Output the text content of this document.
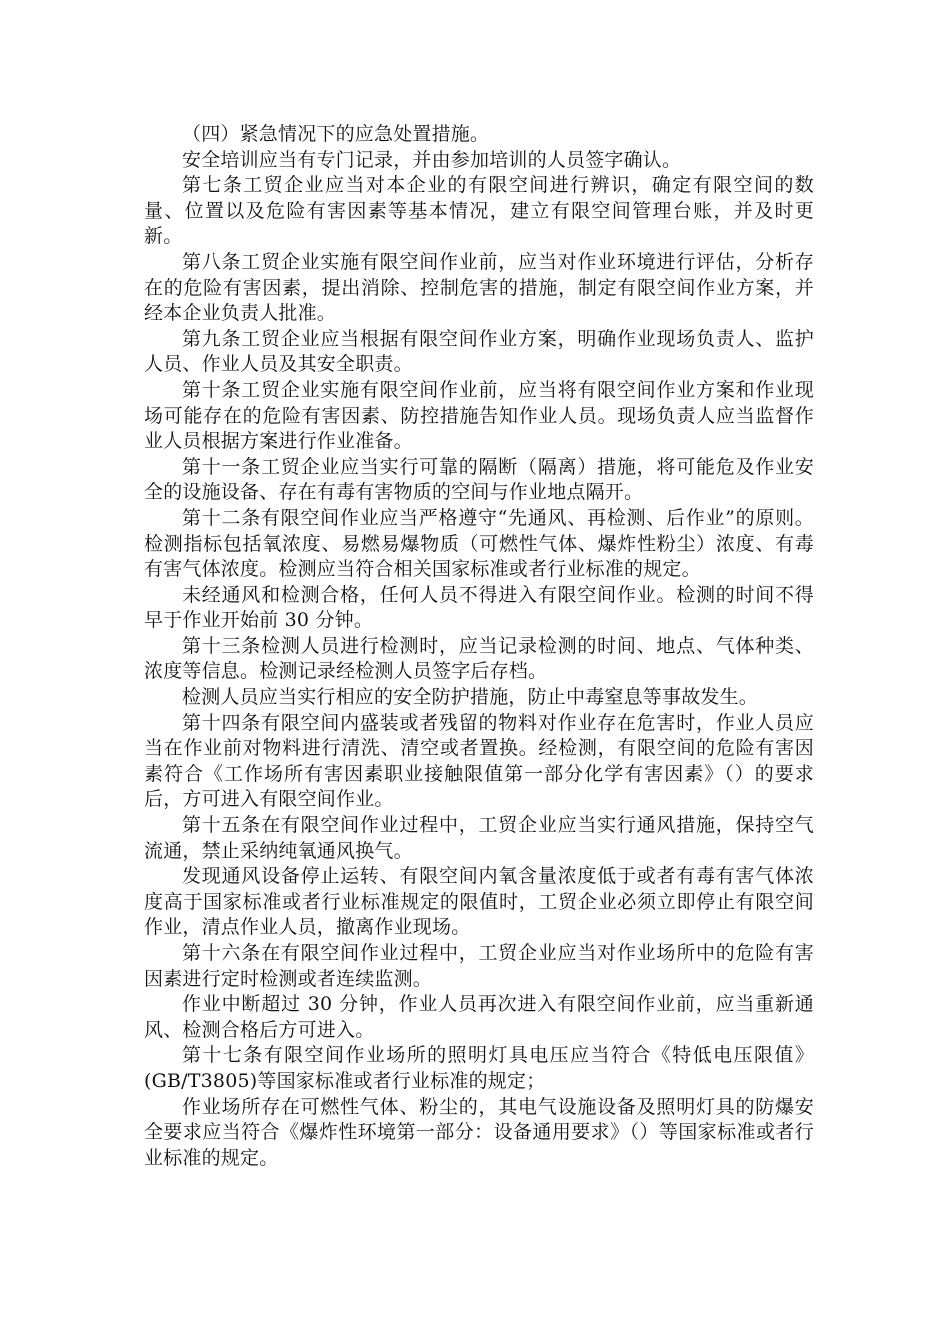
（四）紧急情况下的应急处置措施。

安全培训应当有专门记录，并由参加培训的人员签字确认。

第七条工贸企业应当对本企业的有限空间进行辨识，确定有限空间的数量、位置以及危险有害因素等基本情况，建立有限空间管理台账，并及时更新。

第八条工贸企业实施有限空间作业前，应当对作业环境进行评估，分析存在的危险有害因素，提出消除、控制危害的措施，制定有限空间作业方案，并经本企业负责人批准。

第九条工贸企业应当根据有限空间作业方案，明确作业现场负责人、监护人员、作业人员及其安全职责。

第十条工贸企业实施有限空间作业前，应当将有限空间作业方案和作业现场可能存在的危险有害因素、防控措施告知作业人员。现场负责人应当监督作业人员根据方案进行作业准备。

第十一条工贸企业应当实行可靠的隔断（隔离）措施，将可能危及作业安全的设施设备、存在有毒有害物质的空间与作业地点隔开。

第十二条有限空间作业应当严格遵守“先通风、再检测、后作业”的原则。检测指标包括氧浓度、易燃易爆物质（可燃性气体、爆炸性粉尘）浓度、有毒有害气体浓度。检测应当符合相关国家标准或者行业标准的规定。

未经通风和检测合格，任何人员不得进入有限空间作业。检测的时间不得早于作业开始前 30 分钟。

第十三条检测人员进行检测时，应当记录检测的时间、地点、气体种类、浓度等信息。检测记录经检测人员签字后存档。

检测人员应当实行相应的安全防护措施，防止中毒窒息等事故发生。

第十四条有限空间内盛装或者残留的物料对作业存在危害时，作业人员应当在作业前对物料进行清洗、清空或者置换。经检测，有限空间的危险有害因素符合《工作场所有害因素职业接触限值第一部分化学有害因素》（）的要求后，方可进入有限空间作业。

第十五条在有限空间作业过程中，工贸企业应当实行通风措施，保持空气流通，禁止采纳纯氧通风换气。

发现通风设备停止运转、有限空间内氧含量浓度低于或者有毒有害气体浓度高于国家标准或者行业标准规定的限值时，工贸企业必须立即停止有限空间作业，清点作业人员，撤离作业现场。

第十六条在有限空间作业过程中，工贸企业应当对作业场所中的危险有害因素进行定时检测或者连续监测。

作业中断超过 30 分钟，作业人员再次进入有限空间作业前，应当重新通风、检测合格后方可进入。

第十七条有限空间作业场所的照明灯具电压应当符合《特低电压限值》(GB/T3805)等国家标准或者行业标准的规定；

作业场所存在可燃性气体、粉尘的，其电气设施设备及照明灯具的防爆安全要求应当符合《爆炸性环境第一部分：设备通用要求》（）等国家标准或者行业标准的规定。
